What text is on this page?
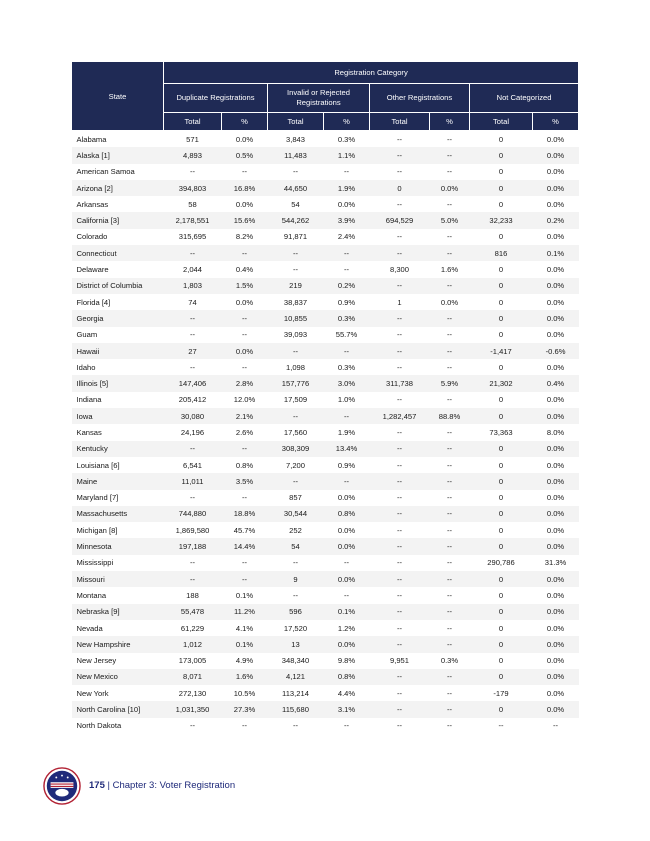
State	Registration Category							
	Duplicate Registrations		Invalid or Rejected Registrations		Other Registrations		Not Categorized	
	Total	%	Total	%	Total	%	Total	%
Alabama	571	0.0%	3,843	0.3%	--	--	0	0.0%
Alaska [1]	4,893	0.5%	11,483	1.1%	--	--	0	0.0%
American Samoa	--	--	--	--	--	--	0	0.0%
Arizona [2]	394,803	16.8%	44,650	1.9%	0	0.0%	0	0.0%
Arkansas	58	0.0%	54	0.0%	--	--	0	0.0%
California [3]	2,178,551	15.6%	544,262	3.9%	694,529	5.0%	32,233	0.2%
Colorado	315,695	8.2%	91,871	2.4%	--	--	0	0.0%
Connecticut	--	--	--	--	--	--	816	0.1%
Delaware	2,044	0.4%	--	--	8,300	1.6%	0	0.0%
District of Columbia	1,803	1.5%	219	0.2%	--	--	0	0.0%
Florida [4]	74	0.0%	38,837	0.9%	1	0.0%	0	0.0%
Georgia	--	--	10,855	0.3%	--	--	0	0.0%
Guam	--	--	39,093	55.7%	--	--	0	0.0%
Hawaii	27	0.0%	--	--	--	--	-1,417	-0.6%
Idaho	--	--	1,098	0.3%	--	--	0	0.0%
Illinois [5]	147,406	2.8%	157,776	3.0%	311,738	5.9%	21,302	0.4%
Indiana	205,412	12.0%	17,509	1.0%	--	--	0	0.0%
Iowa	30,080	2.1%	--	--	1,282,457	88.8%	0	0.0%
Kansas	24,196	2.6%	17,560	1.9%	--	--	73,363	8.0%
Kentucky	--	--	308,309	13.4%	--	--	0	0.0%
Louisiana [6]	6,541	0.8%	7,200	0.9%	--	--	0	0.0%
Maine	11,011	3.5%	--	--	--	--	0	0.0%
Maryland [7]	--	--	857	0.0%	--	--	0	0.0%
Massachusetts	744,880	18.8%	30,544	0.8%	--	--	0	0.0%
Michigan [8]	1,869,580	45.7%	252	0.0%	--	--	0	0.0%
Minnesota	197,188	14.4%	54	0.0%	--	--	0	0.0%
Mississippi	--	--	--	--	--	--	290,786	31.3%
Missouri	--	--	9	0.0%	--	--	0	0.0%
Montana	188	0.1%	--	--	--	--	0	0.0%
Nebraska [9]	55,478	11.2%	596	0.1%	--	--	0	0.0%
Nevada	61,229	4.1%	17,520	1.2%	--	--	0	0.0%
New Hampshire	1,012	0.1%	13	0.0%	--	--	0	0.0%
New Jersey	173,005	4.9%	348,340	9.8%	9,951	0.3%	0	0.0%
New Mexico	8,071	1.6%	4,121	0.8%	--	--	0	0.0%
New York	272,130	10.5%	113,214	4.4%	--	--	-179	0.0%
North Carolina [10]	1,031,350	27.3%	115,680	3.1%	--	--	0	0.0%
North Dakota	--	--	--	--	--	--	--	--
175 | Chapter 3: Voter Registration
